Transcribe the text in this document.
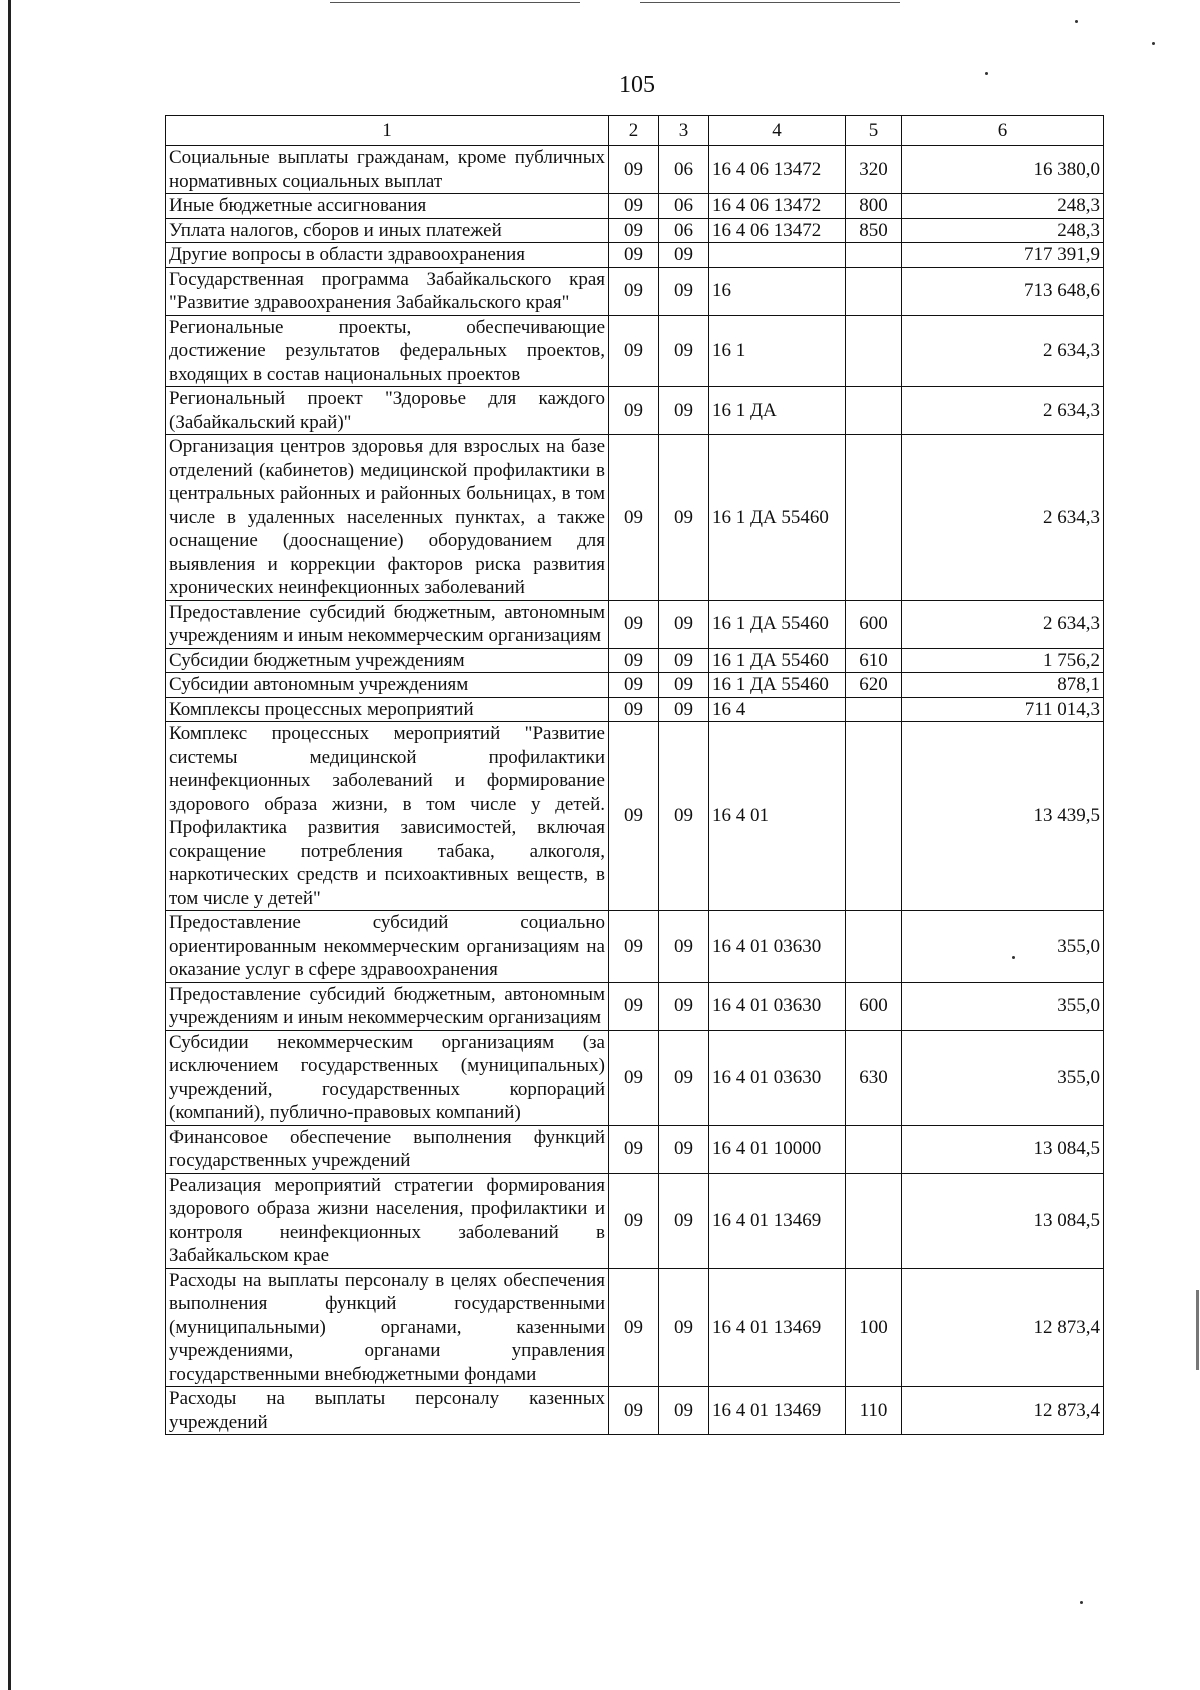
105
1	2	3	4	5	6
Социальные выплаты гражданам, кроме публичных нормативных социальных выплат	09	06	16 4 06 13472	320	16 380,0
Иные бюджетные ассигнования	09	06	16 4 06 13472	800	248,3
Уплата налогов, сборов и иных платежей	09	06	16 4 06 13472	850	248,3
Другие вопросы в области здравоохранения	09	09			717 391,9
Государственная программа Забайкальского края "Развитие здравоохранения Забайкальского края"	09	09	16		713 648,6
Региональные проекты, обеспечивающие достижение результатов федеральных проектов, входящих в состав национальных проектов	09	09	16 1		2 634,3
Региональный проект "Здоровье для каждого (Забайкальский край)"	09	09	16 1 ДА		2 634,3
Организация центров здоровья для взрослых на базе отделений (кабинетов) медицинской профилактики в центральных районных и районных больницах, в том числе в удаленных населенных пунктах, а также оснащение (дооснащение) оборудованием для выявления и коррекции факторов риска развития хронических неинфекционных заболеваний	09	09	16 1 ДА 55460		2 634,3
Предоставление субсидий бюджетным, автономным учреждениям и иным некоммерческим организациям	09	09	16 1 ДА 55460	600	2 634,3
Субсидии бюджетным учреждениям	09	09	16 1 ДА 55460	610	1 756,2
Субсидии автономным учреждениям	09	09	16 1 ДА 55460	620	878,1
Комплексы процессных мероприятий	09	09	16 4		711 014,3
Комплекс процессных мероприятий "Развитие системы медицинской профилактики неинфекционных заболеваний и формирование здорового образа жизни, в том числе у детей. Профилактика развития зависимостей, включая сокращение потребления табака, алкоголя, наркотических средств и психоактивных веществ, в том числе у детей"	09	09	16 4 01		13 439,5
Предоставление субсидий социально ориентированным некоммерческим организациям на оказание услуг в сфере здравоохранения	09	09	16 4 01 03630		355,0
Предоставление субсидий бюджетным, автономным учреждениям и иным некоммерческим организациям	09	09	16 4 01 03630	600	355,0
Субсидии некоммерческим организациям (за исключением государственных (муниципальных) учреждений, государственных корпораций (компаний), публично-правовых компаний)	09	09	16 4 01 03630	630	355,0
Финансовое обеспечение выполнения функций государственных учреждений	09	09	16 4 01 10000		13 084,5
Реализация мероприятий стратегии формирования здорового образа жизни населения, профилактики и контроля неинфекционных заболеваний в Забайкальском крае	09	09	16 4 01 13469		13 084,5
Расходы на выплаты персоналу в целях обеспечения выполнения функций государственными (муниципальными) органами, казенными учреждениями, органами управления государственными внебюджетными фондами	09	09	16 4 01 13469	100	12 873,4
Расходы на выплаты персоналу казенных учреждений	09	09	16 4 01 13469	110	12 873,4
